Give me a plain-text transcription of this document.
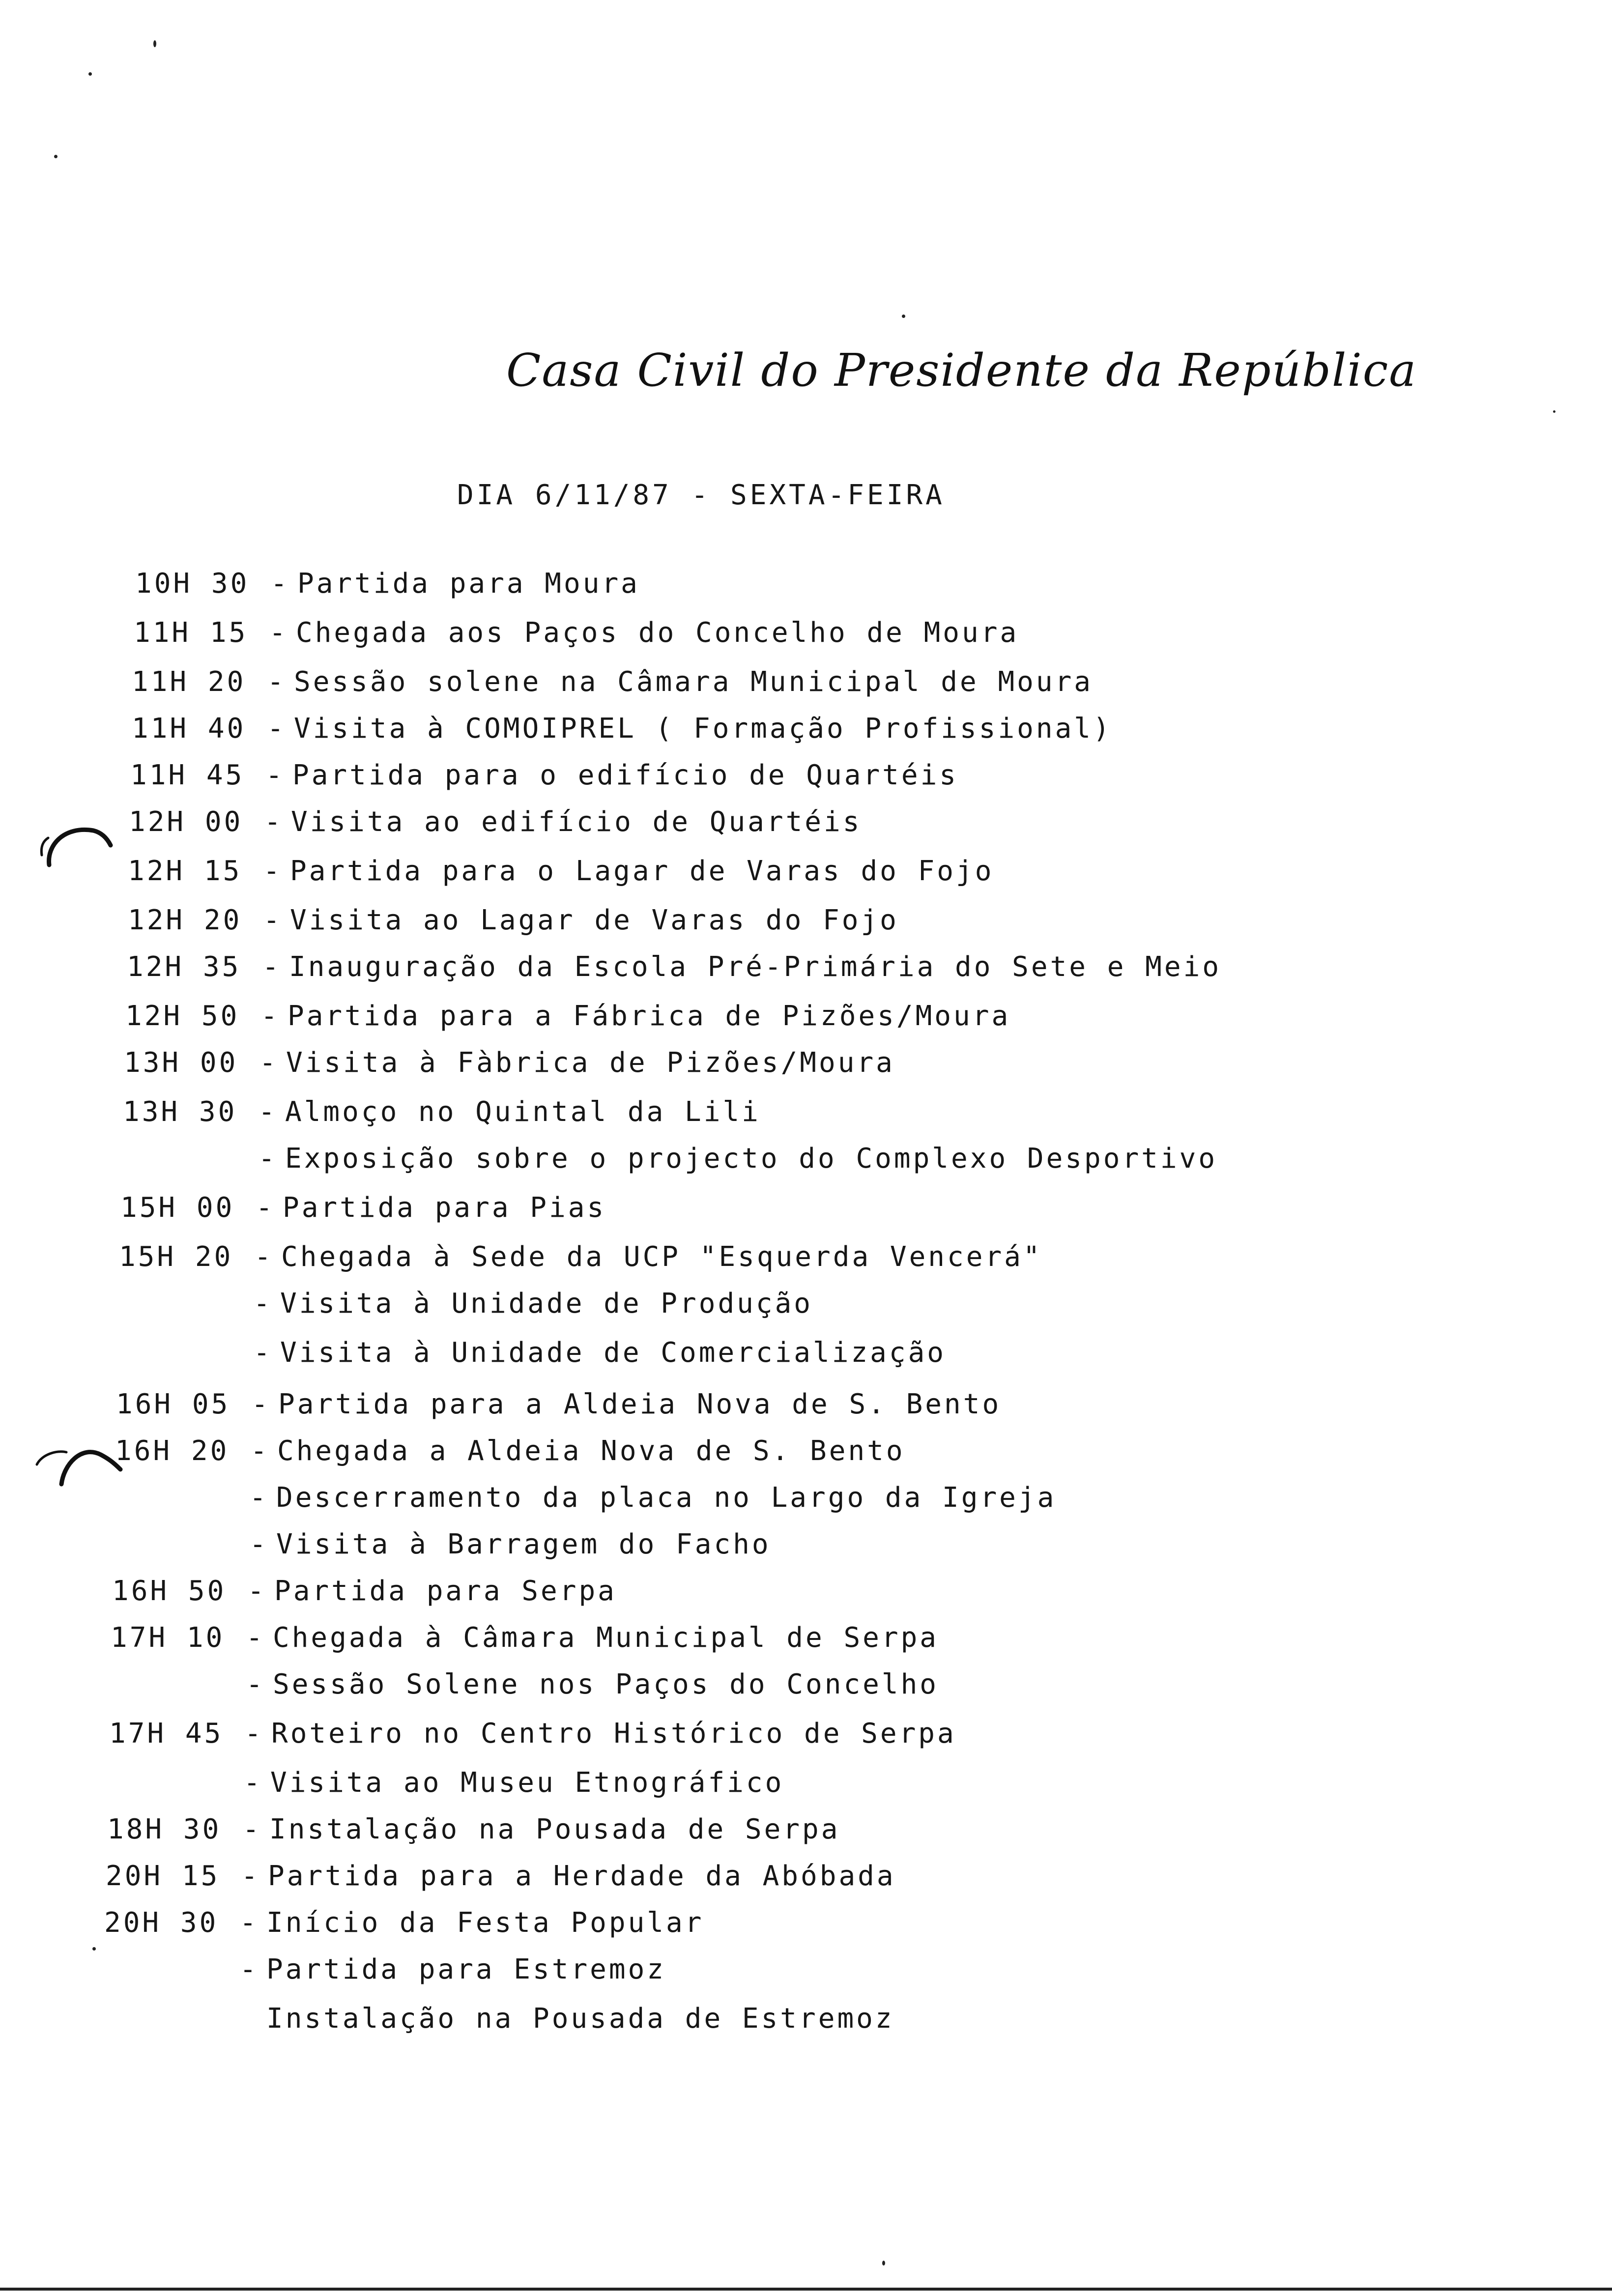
Casa Civil do Presidente da República
DIA 6/11/87 - SEXTA-FEIRA
10H 30 - Partida para Moura
11H 15 - Chegada aos Paços do Concelho de Moura
11H 20 - Sessão solene na Câmara Municipal de Moura
11H 40 - Visita à COMOIPREL ( Formação Profissional)
11H 45 - Partida para o edifício de Quartéis
12H 00 - Visita ao edifício de Quartéis
12H 15 - Partida para o Lagar de Varas do Fojo
12H 20 - Visita ao Lagar de Varas do Fojo
12H 35 - Inauguração da Escola Pré-Primária do Sete e Meio
12H 50 - Partida para a Fábrica de Pizões/Moura
13H 00 - Visita à Fàbrica de Pizões/Moura
13H 30 - Almoço no Quintal da Lili
- Exposição sobre o projecto do Complexo Desportivo
15H 00 - Partida para Pias
15H 20 - Chegada à Sede da UCP "Esquerda Vencerá"
- Visita à Unidade de Produção
- Visita à Unidade de Comercialização
16H 05 - Partida para a Aldeia Nova de S. Bento
16H 20 - Chegada a Aldeia Nova de S. Bento
- Descerramento da placa no Largo da Igreja
- Visita à Barragem do Facho
16H 50 - Partida para Serpa
17H 10 - Chegada à Câmara Municipal de Serpa
- Sessão Solene nos Paços do Concelho
17H 45 - Roteiro no Centro Histórico de Serpa
- Visita ao Museu Etnográfico
18H 30 - Instalação na Pousada de Serpa
20H 15 - Partida para a Herdade da Abóbada
20H 30 - Início da Festa Popular
- Partida para Estremoz
Instalação na Pousada de Estremoz
